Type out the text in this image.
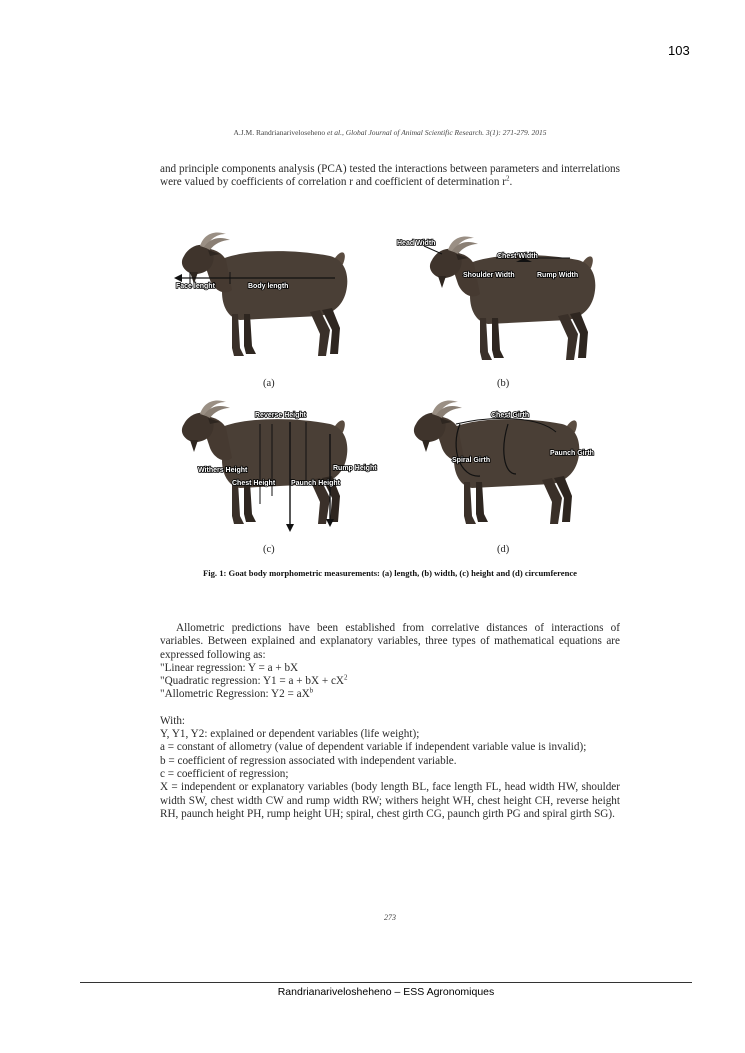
103
A.J.M. Randrianariveloseheno et al., Global Journal of Animal Scientific Research. 3(1): 271-279. 2015
and principle components analysis (PCA) tested the interactions between parameters and interrelations were valued by coefficients of correlation r and coefficient of determination $r^2$.
Face lenght	Body length
(a)
Head Width
Chest Width
Shoulder Width	Rump Width
(b)
Reverse Height
Withers Height	Rump Height
Chest Height Paunch Height
(c)
Chest Girth
Paunch Girth
Spiral Girth
(d)
Fig. 1: Goat body morphometric measurements: (a) length, (b) width, (c) height and (d) circumference

Allometric predictions have been established from correlative distances of interactions of variables. Between explained and explanatory variables, three types of mathematical equations are expressed following as:

"Linear regression: Y = a + bX

"Quadratic regression: Y1 = a + bX + $cX^2$

"Allometric Regression: $Y2 = aX^b$

With:

Y, Y1, Y2: explained or dependent variables (life weight);

a = constant of allometry (value of dependent variable if independent variable value is invalid);

b = coefficient of regression associated with independent variable.

c = coefficient of regression;

X = independent or explanatory variables (body length BL, face length FL, head width HW, shoulder width SW, chest width CW and rump width RW; withers height WH, chest height CH, reverse height RH, paunch height PH, rump height UH; spiral, chest girth CG, paunch girth PG and spiral girth SG).

273
Randrianarivelosheheno – ESS Agronomiques
